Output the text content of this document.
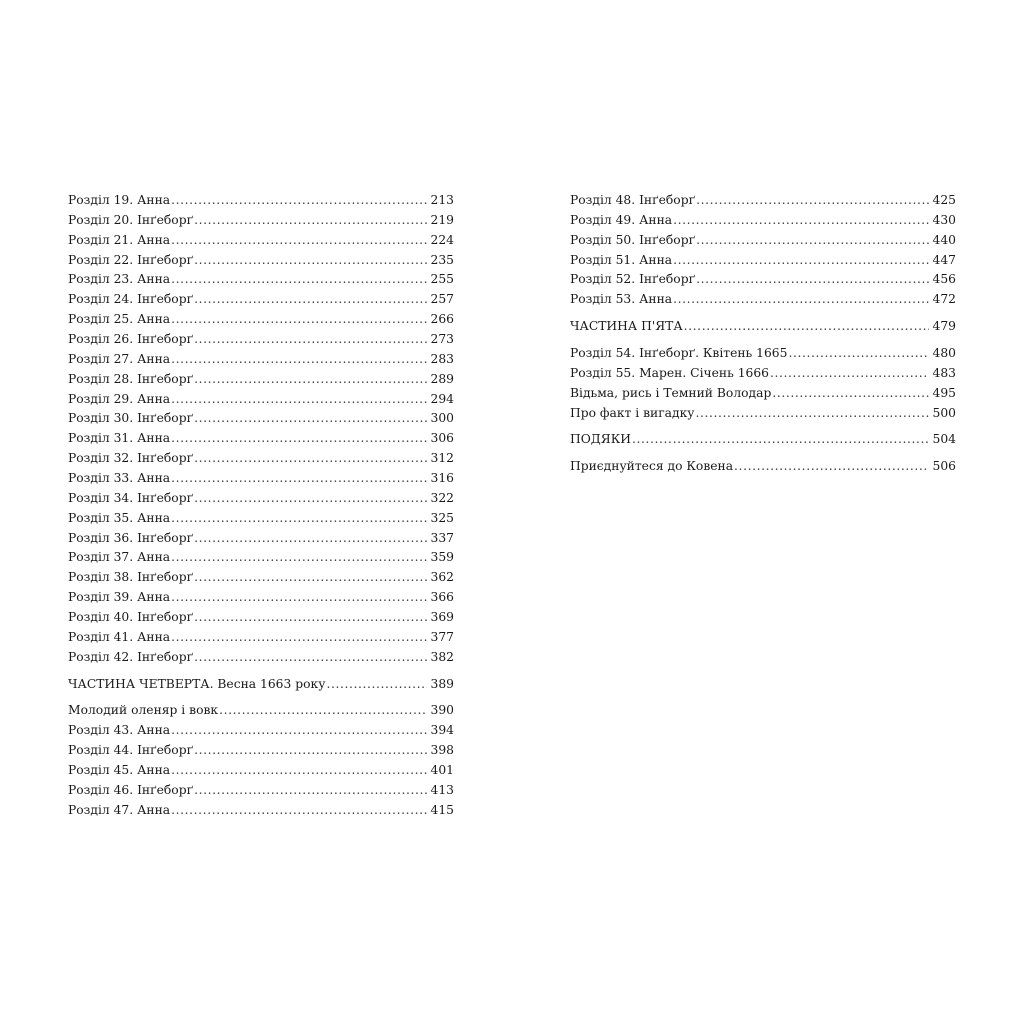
Розділ 19. Анна .....	213
Розділ 20. Інґеборґ .....	219
Розділ 21. Анна .....	224
Розділ 22. Інґеборґ .....	235
Розділ 23. Анна .....	255
Розділ 24. Інґеборґ .....	257
Розділ 25. Анна .....	266
Розділ 26. Інґеборґ .....	273
Розділ 27. Анна .....	283
Розділ 28. Інґеборґ .....	289
Розділ 29. Анна .....	294
Розділ 30. Інґеборґ .....	300
Розділ 31. Анна .....	306
Розділ 32. Інґеборґ .....	312
Розділ 33. Анна .....	316
Розділ 34. Інґеборґ .....	322
Розділ 35. Анна .....	325
Розділ 36. Інґеборґ .....	337
Розділ 37. Анна .....	359
Розділ 38. Інґеборґ .....	362
Розділ 39. Анна .....	366
Розділ 40. Інґеборґ .....	369
Розділ 41. Анна .....	377
Розділ 42. Інґеборґ .....	382
ЧАСТИНА ЧЕТВЕРТА. Весна 1663 року .....	389
Молодий оленяр і вовк .....	390
Розділ 43. Анна .....	394
Розділ 44. Інґеборґ .....	398
Розділ 45. Анна .....	401
Розділ 46. Інґеборґ .....	413
Розділ 47. Анна .....	415
Розділ 48. Інґеборґ .....	425
Розділ 49. Анна .....	430
Розділ 50. Інґеборґ .....	440
Розділ 51. Анна .....	447
Розділ 52. Інґеборґ .....	456
Розділ 53. Анна .....	472
ЧАСТИНА П'ЯТА .....	479
Розділ 54. Інґеборґ. Квітень 1665 .....	480
Розділ 55. Марен. Січень 1666 .....	483
Відьма, рись і Темний Володар .....	495
Про факт і вигадку .....	500
ПОДЯКИ .....	504
Приєднуйтеся до Ковена .....	506
